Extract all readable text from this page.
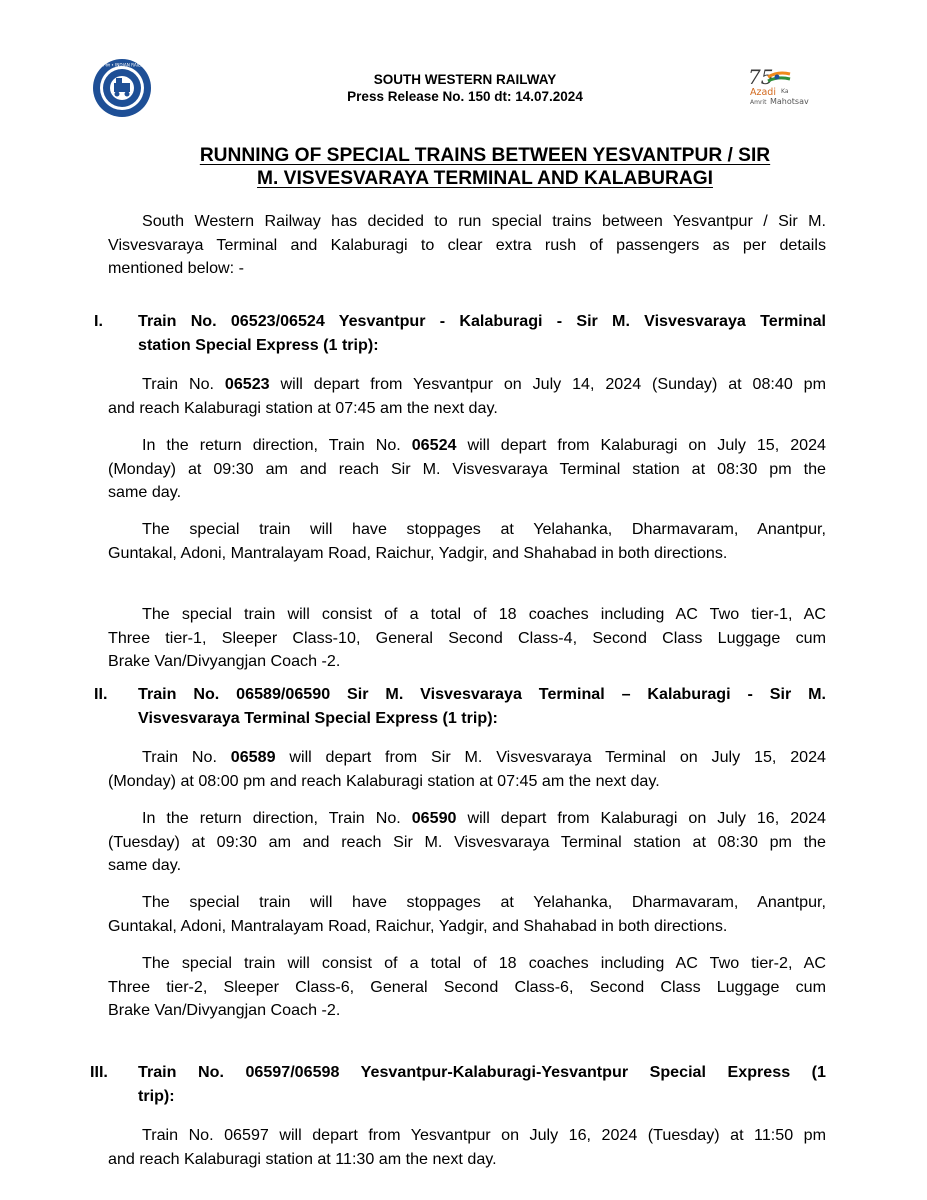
भारतीय रेल • INDIAN RAILWAYS	75
Azadi Ka
Amrit Mahotsav
SOUTH WESTERN RAILWAY
Press Release No. 150 dt: 14.07.2024
RUNNING OF SPECIAL TRAINS BETWEEN YESVANTPUR / SIR
M. VISVESVARAYA TERMINAL AND KALABURAGI

South Western Railway has decided to run special trains between Yesvantpur / Sir M.
Visvesvaraya Terminal and Kalaburagi to clear extra rush of passengers as per details
mentioned below: -

I. Train No. 06523/06524 Yesvantpur - Kalaburagi - Sir M. Visvesvaraya Terminal
station Special Express (1 trip):

Train No. 06523 will depart from Yesvantpur on July 14, 2024 (Sunday) at 08:40 pm
and reach Kalaburagi station at 07:45 am the next day.

In the return direction, Train No. 06524 will depart from Kalaburagi on July 15, 2024
(Monday) at 09:30 am and reach Sir M. Visvesvaraya Terminal station at 08:30 pm the
same day.

The special train will have stoppages at Yelahanka, Dharmavaram, Anantpur,
Guntakal, Adoni, Mantralayam Road, Raichur, Yadgir, and Shahabad in both directions.

The special train will consist of a total of 18 coaches including AC Two tier-1, AC
Three tier-1, Sleeper Class-10, General Second Class-4, Second Class Luggage cum
Brake Van/Divyangjan Coach -2.

II. Train No. 06589/06590 Sir M. Visvesvaraya Terminal – Kalaburagi - Sir M.
Visvesvaraya Terminal Special Express (1 trip):

Train No. 06589 will depart from Sir M. Visvesvaraya Terminal on July 15, 2024
(Monday) at 08:00 pm and reach Kalaburagi station at 07:45 am the next day.

In the return direction, Train No. 06590 will depart from Kalaburagi on July 16, 2024
(Tuesday) at 09:30 am and reach Sir M. Visvesvaraya Terminal station at 08:30 pm the
same day.

The special train will have stoppages at Yelahanka, Dharmavaram, Anantpur,
Guntakal, Adoni, Mantralayam Road, Raichur, Yadgir, and Shahabad in both directions.

The special train will consist of a total of 18 coaches including AC Two tier-2, AC
Three tier-2, Sleeper Class-6, General Second Class-6, Second Class Luggage cum
Brake Van/Divyangjan Coach -2.

III. Train No. 06597/06598 Yesvantpur-Kalaburagi-Yesvantpur Special Express (1
trip):

Train No. 06597 will depart from Yesvantpur on July 16, 2024 (Tuesday) at 11:50 pm
and reach Kalaburagi station at 11:30 am the next day.
